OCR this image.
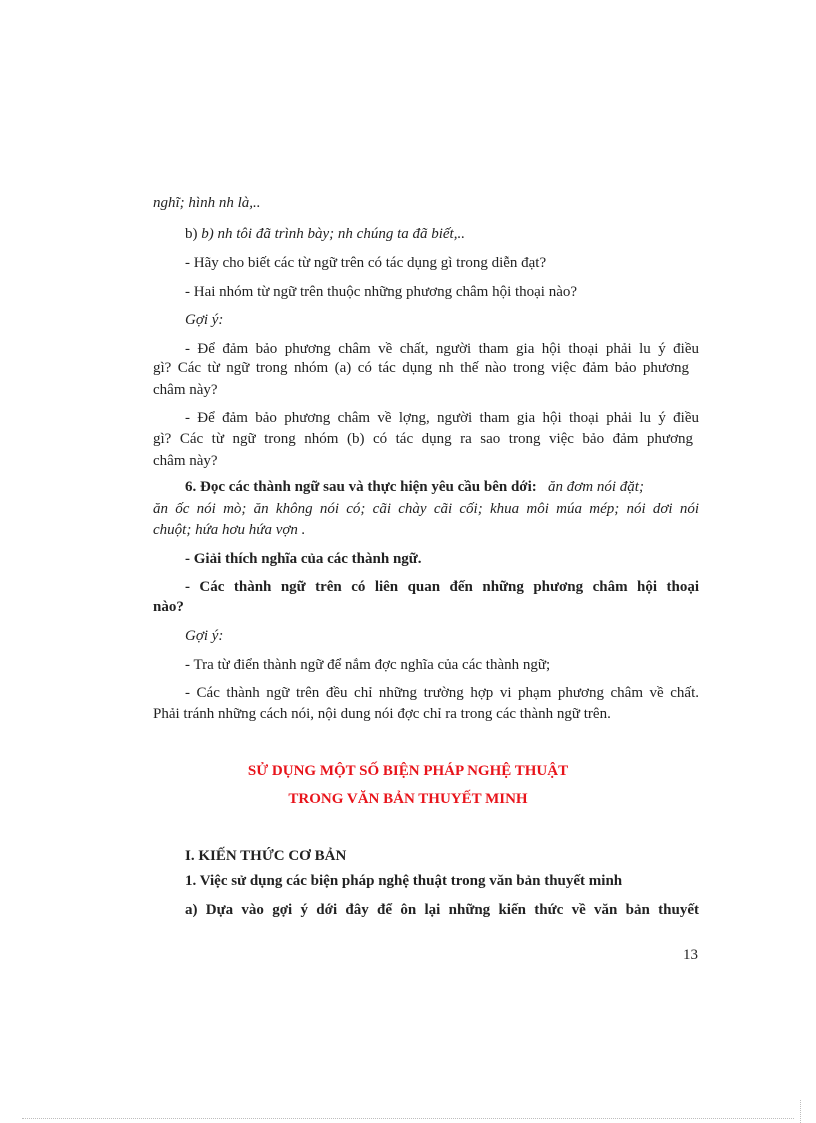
nghĩ; hình nh là,..
b) b) nh tôi đã trình bày; nh chúng ta đã biết,..
- Hãy cho biết các từ ngữ trên có tác dụng gì trong diễn đạt?
- Hai nhóm từ ngữ trên thuộc những phương châm hội thoại nào?
Gợi ý:
- Để đảm bảo phương châm về chất, người tham gia hội thoại phải lu ý điều
gì? Các từ ngữ trong nhóm (a) có tác dụng nh thế nào trong việc đảm bảo phương
châm này?
- Để đảm bảo phương châm về lợng, người tham gia hội thoại phải lu ý điều
gì? Các từ ngữ trong nhóm (b) có tác dụng ra sao trong việc bảo đảm phương
châm này?
6. Đọc các thành ngữ sau và thực hiện yêu cầu bên dới: ăn đơm nói đặt;
ăn ốc nói mò; ăn không nói có; cãi chày cãi cối; khua môi múa mép; nói dơi nói
chuột; hứa hơu hứa vợn .
- Giải thích nghĩa của các thành ngữ.
- Các thành ngữ trên có liên quan đến những phương châm hội thoại
nào?
Gợi ý:
- Tra từ điển thành ngữ để nắm đợc nghĩa của các thành ngữ;
- Các thành ngữ trên đều chỉ những trường hợp vi phạm phương châm về chất.
Phải tránh những cách nói, nội dung nói đợc chỉ ra trong các thành ngữ trên.
SỬ DỤNG MỘT SỐ BIỆN PHÁP NGHỆ THUẬT
TRONG VĂN BẢN THUYẾT MINH
I. KIẾN THỨC CƠ BẢN
1. Việc sử dụng các biện pháp nghệ thuật trong văn bản thuyết minh
a) Dựa vào gợi ý dới đây để ôn lại những kiến thức về văn bản thuyết
13
